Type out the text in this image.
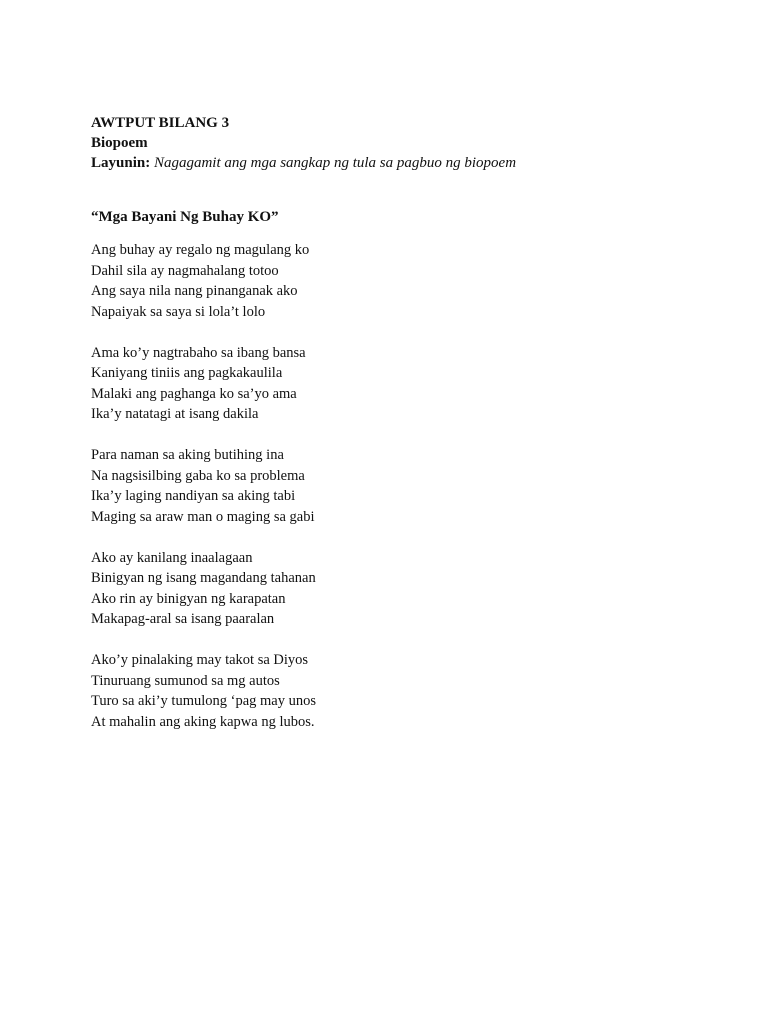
AWTPUT BILANG 3

Biopoem

Layunin: Nagagamit ang mga sangkap ng tula sa pagbuo ng biopoem

“Mga Bayani Ng Buhay KO”

Ang buhay ay regalo ng magulang ko

Dahil sila ay nagmahalang totoo

Ang saya nila nang pinanganak ako

Napaiyak sa saya si lola’t lolo

Ama ko’y nagtrabaho sa ibang bansa

Kaniyang tiniis ang pagkakaulila

Malaki ang paghanga ko sa’yo ama

Ika’y natatagi at isang dakila

Para naman sa aking butihing ina

Na nagsisilbing gaba ko sa problema

Ika’y laging nandiyan sa aking tabi

Maging sa araw man o maging sa gabi

Ako ay kanilang inaalagaan

Binigyan ng isang magandang tahanan

Ako rin ay binigyan ng karapatan

Makapag-aral sa isang paaralan

Ako’y pinalaking may takot sa Diyos

Tinuruang sumunod sa mg autos

Turo sa aki’y tumulong ‘pag may unos

At mahalin ang aking kapwa ng lubos.
